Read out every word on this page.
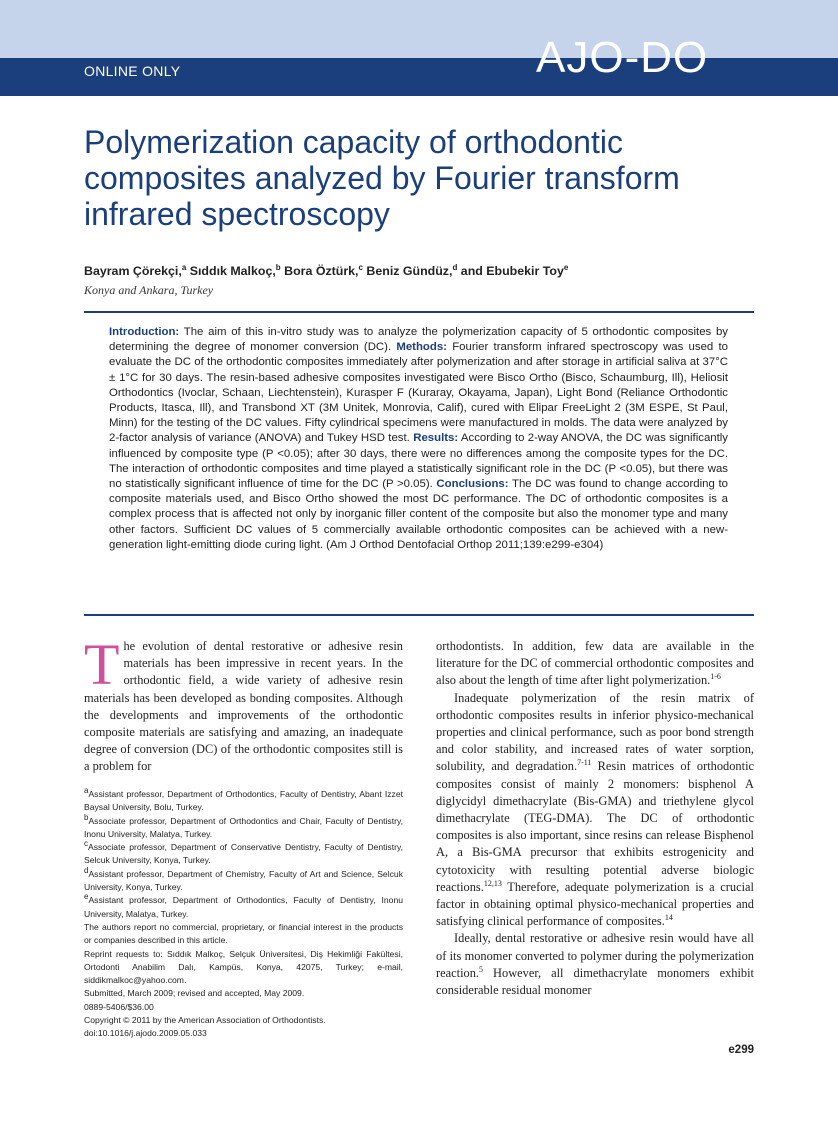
ONLINE ONLY	AJO-DO
Polymerization capacity of orthodontic composites analyzed by Fourier transform infrared spectroscopy
Bayram Çörekçi,$^a$ Sıddık Malkoç,$^b$ Bora Öztürk,$^c$ Beniz Gündüz,$^d$ and Ebubekir Toy$^e$
Konya and Ankara, Turkey

Introduction: The aim of this in-vitro study was to analyze the polymerization capacity of 5 orthodontic composites by determining the degree of monomer conversion (DC). Methods: Fourier transform infrared spectroscopy was used to evaluate the DC of the orthodontic composites immediately after polymerization and after storage in artificial saliva at 37°C ± 1°C for 30 days. The resin-based adhesive composites investigated were Bisco Ortho (Bisco, Schaumburg, Ill), Heliosit Orthodontics (Ivoclar, Schaan, Liechtenstein), Kurasper F (Kuraray, Okayama, Japan), Light Bond (Reliance Orthodontic Products, Itasca, Ill), and Transbond XT (3M Unitek, Monrovia, Calif), cured with Elipar FreeLight 2 (3M ESPE, St Paul, Minn) for the testing of the DC values. Fifty cylindrical specimens were manufactured in molds. The data were analyzed by 2-factor analysis of variance (ANOVA) and Tukey HSD test. Results: According to 2-way ANOVA, the DC was significantly influenced by composite type (P <0.05); after 30 days, there were no differences among the composite types for the DC. The interaction of orthodontic composites and time played a statistically significant role in the DC (P <0.05), but there was no statistically significant influence of time for the DC (P >0.05). Conclusions: The DC was found to change according to composite materials used, and Bisco Ortho showed the most DC performance. The DC of orthodontic composites is a complex process that is affected not only by inorganic filler content of the composite but also the monomer type and many other factors. Sufficient DC values of 5 commercially available orthodontic composites can be achieved with a new-generation light-emitting diode curing light. (Am J Orthod Dentofacial Orthop 2011;139:e299-e304)

The evolution of dental restorative or adhesive resin materials has been impressive in recent years. In the orthodontic field, a wide variety of adhesive resin materials has been developed as bonding composites. Although the developments and improvements of the orthodontic composite materials are satisfying and amazing, an inadequate degree of conversion (DC) of the orthodontic composites still is a problem for

$^a$Assistant professor, Department of Orthodontics, Faculty of Dentistry, Abant Izzet Baysal University, Bolu, Turkey.

$^b$Associate professor, Department of Orthodontics and Chair, Faculty of Dentistry, Inonu University, Malatya, Turkey.

$^c$Associate professor, Department of Conservative Dentistry, Faculty of Dentistry, Selcuk University, Konya, Turkey.

$^d$Assistant professor, Department of Chemistry, Faculty of Art and Science, Selcuk University, Konya, Turkey.

$^e$Assistant professor, Department of Orthodontics, Faculty of Dentistry, Inonu University, Malatya, Turkey.

The authors report no commercial, proprietary, or financial interest in the products or companies described in this article.

Reprint requests to: Sıddık Malkoç, Selçuk Üniversitesi, Diş Hekimliği Fakültesi, Ortodonti Anabilim Dalı, Kampüs, Konya, 42075, Turkey; e-mail, siddikmalkoc@yahoo.com.

Submitted, March 2009; revised and accepted, May 2009.

0889-5406/$36.00

Copyright © 2011 by the American Association of Orthodontists.

doi:10.1016/j.ajodo.2009.05.033

orthodontists. In addition, few data are available in the literature for the DC of commercial orthodontic composites and also about the length of time after light polymerization.$^{1-6}$

Inadequate polymerization of the resin matrix of orthodontic composites results in inferior physico-mechanical properties and clinical performance, such as poor bond strength and color stability, and increased rates of water sorption, solubility, and degradation.$^{7-11}$ Resin matrices of orthodontic composites consist of mainly 2 monomers: bisphenol A diglycidyl dimethacrylate (Bis-GMA) and triethylene glycol dimethacrylate (TEG-DMA). The DC of orthodontic composites is also important, since resins can release Bisphenol A, a Bis-GMA precursor that exhibits estrogenicity and cytotoxicity with resulting potential adverse biologic reactions.$^{12,13}$ Therefore, adequate polymerization is a crucial factor in obtaining optimal physico-mechanical properties and satisfying clinical performance of composites.$^{14}$

Ideally, dental restorative or adhesive resin would have all of its monomer converted to polymer during the polymerization reaction.$^5$ However, all dimethacrylate monomers exhibit considerable residual monomer

e299
